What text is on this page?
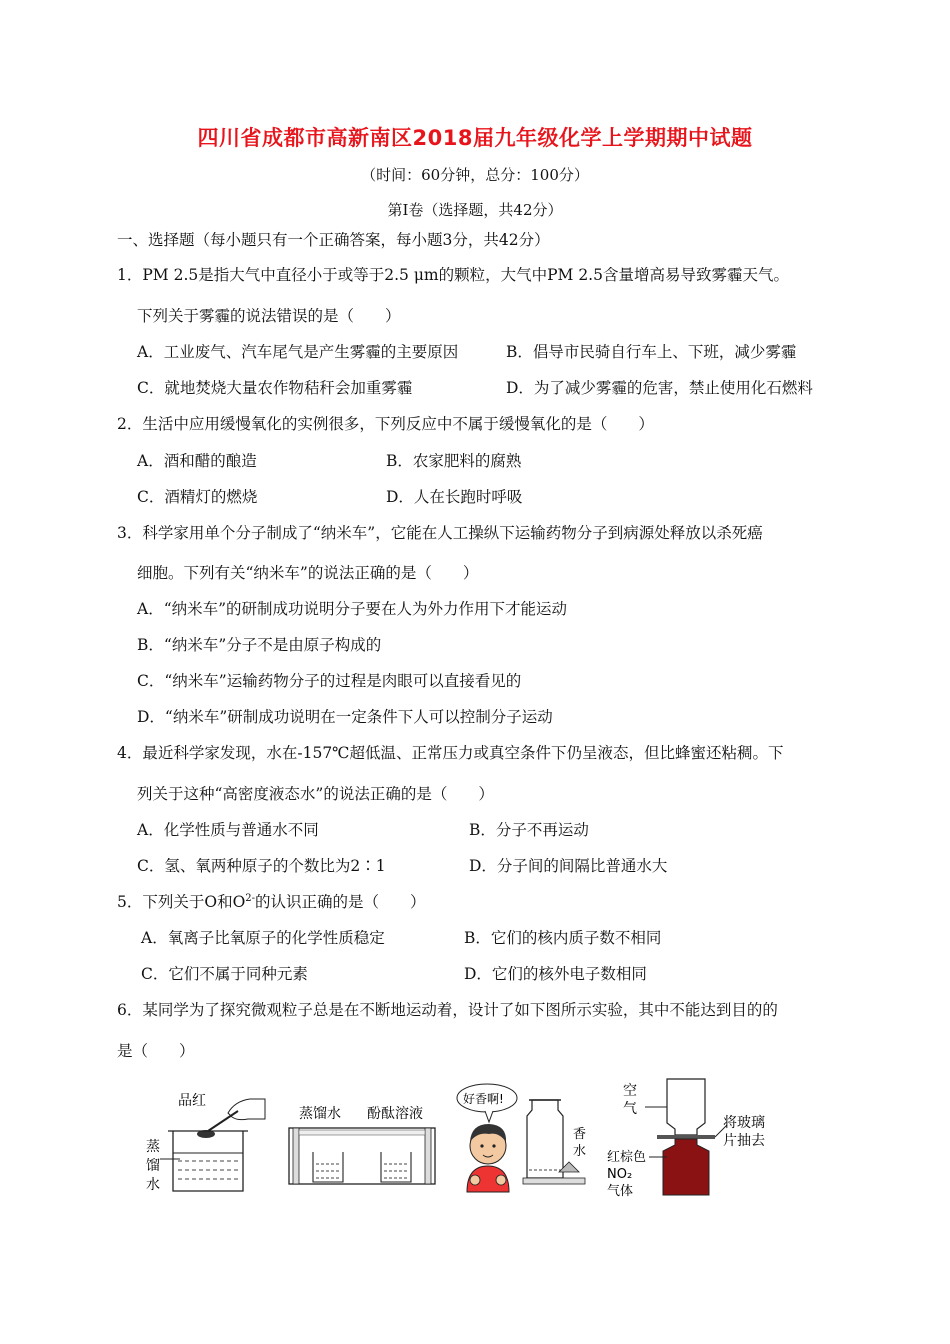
四川省成都市高新南区2018届九年级化学上学期期中试题
（时间：60分钟，总分：100分）
第Ⅰ卷（选择题，共42分）
一、选择题（每小题只有一个正确答案，每小题3分，共42分）
1．PM 2.5是指大气中直径小于或等于2.5 μm的颗粒，大气中PM 2.5含量增高易导致雾霾天气。
下列关于雾霾的说法错误的是（　　）
A．工业废气、汽车尾气是产生雾霾的主要原因	B．倡导市民骑自行车上、下班，减少雾霾
C．就地焚烧大量农作物秸秆会加重雾霾	D．为了减少雾霾的危害，禁止使用化石燃料
2．生活中应用缓慢氧化的实例很多，下列反应中不属于缓慢氧化的是（　　）
A．酒和醋的酿造	B．农家肥料的腐熟
C．酒精灯的燃烧	D．人在长跑时呼吸
3．科学家用单个分子制成了“纳米车”，它能在人工操纵下运输药物分子到病源处释放以杀死癌
细胞。下列有关“纳米车”的说法正确的是（　　）
A．“纳米车”的研制成功说明分子要在人为外力作用下才能运动
B．“纳米车”分子不是由原子构成的
C．“纳米车”运输药物分子的过程是肉眼可以直接看见的
D．“纳米车”研制成功说明在一定条件下人可以控制分子运动
4．最近科学家发现，水在-157℃超低温、正常压力或真空条件下仍呈液态，但比蜂蜜还粘稠。下
列关于这种“高密度液态水”的说法正确的是（　　）
A．化学性质与普通水不同	B．分子不再运动
C．氢、氧两种原子的个数比为2∶1	D．分子间的间隔比普通水大
5．下列关于O和$O^{2-}$的认识正确的是（　　）
A．氧离子比氧原子的化学性质稳定	B．它们的核内质子数不相同
C．它们不属于同种元素	D．它们的核外电子数相同
6．某同学为了探究微观粒子总是在不断地运动着，设计了如下图所示实验，其中不能达到目的的
是（　　）
品红
蒸
馏
水
蒸馏水 酚酞溶液
好香啊!
香
水
空
气
将玻璃
片抽去
红棕色
NO₂
气体
